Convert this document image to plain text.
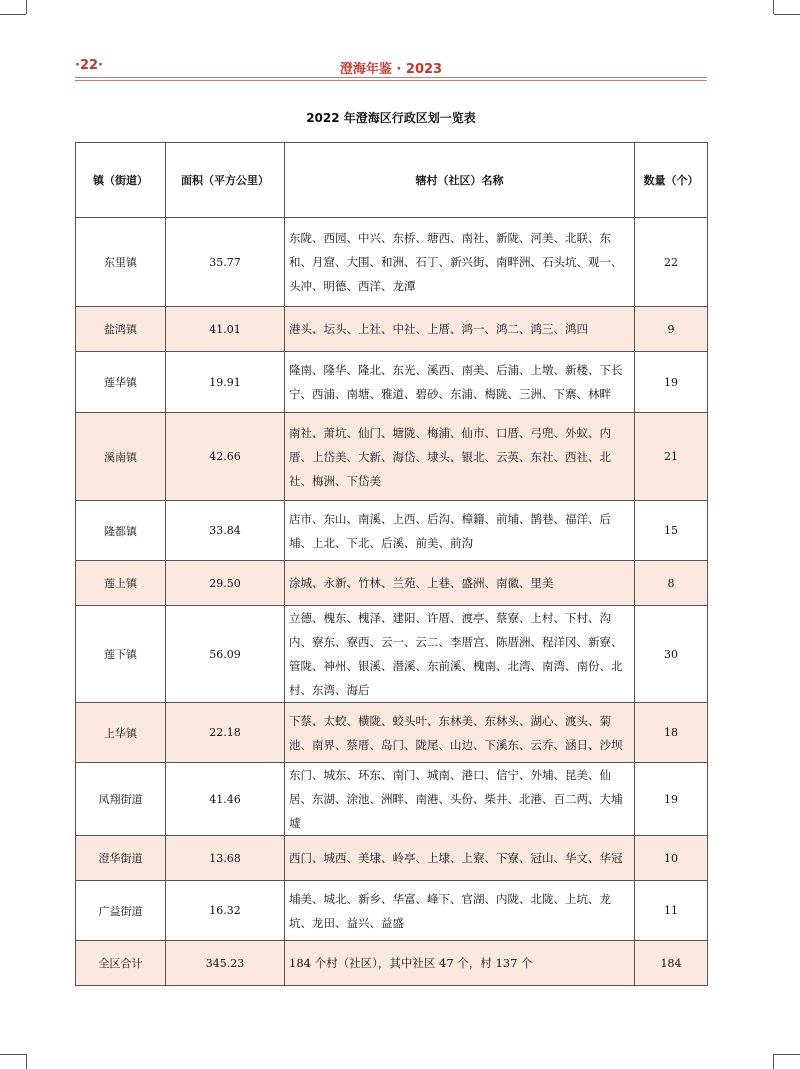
·22·	澄海年鉴 · 2023
2022 年澄海区行政区划一览表
镇（街道）	面积（平方公里）	辖村（社区）名称	数量（个）
东里镇	35.77	东陇、西园、中兴、东桥、塘西、南社、新陇、河美、北联、东和、月窟、大围、和洲、石丁、新兴街、南畔洲、石头坑、观一、头冲、明德、西洋、龙潭	22
盐鸿镇	41.01	港头、坛头、上社、中社、上厝、鸿一、鸿二、鸿三、鸿四	9
莲华镇	19.91	隆南、隆华、隆北、东光、溪西、南美、后浦、上墩、新楼、下长宁、西浦、南塘、雅道、碧砂、东浦、梅陇、三洲、下寨、林畔	19
溪南镇	42.66	南社、萧坑、仙门、塘陇、梅浦、仙市、口厝、弓兜、外蚁、内厝、上岱美、大新、海岱、埭头、银北、云英、东社、西社、北社、梅洲、下岱美	21
隆都镇	33.84	店市、东山、南溪、上西、后沟、樟籍、前埔、鹊巷、福洋、后埔、上北、下北、后溪、前美、前沟	15
莲上镇	29.50	涂城、永新、竹林、兰苑、上巷、盛洲、南徽、里美	8
莲下镇	56.09	立德、槐东、槐泽、建阳、许厝、渡亭、蔡寮、上村、下村、沟内、寮东、寮西、云一、云二、李厝宫、陈厝洲、程洋冈、新寮、管陇、神州、银溪、潜溪、东前溪、槐南、北湾、南湾、南份、北村、东湾、海后	30
上华镇	22.18	下蔡、太蛟、横陇、蛟头叶、东林美、东林头、湖心、渡头、菊池、南界、蔡厝、岛门、陇尾、山边、下溪东、云乔、涵日、沙坝	18
凤翔街道	41.46	东门、城东、环东、南门、城南、港口、信宁、外埔、昆美、仙居、东湖、涂池、洲畔、南港、头份、柴井、北港、百二两、大埔墟	19
澄华街道	13.68	西门、城西、美埭、岭亭、上埭、上寮、下寮、冠山、华文、华冠	10
广益街道	16.32	埔美、城北、新乡、华富、峰下、官湖、内陇、北陇、上坑、龙坑、龙田、益兴、益盛	11
全区合计	345.23	184 个村（社区），其中社区 47 个，村 137 个	184
